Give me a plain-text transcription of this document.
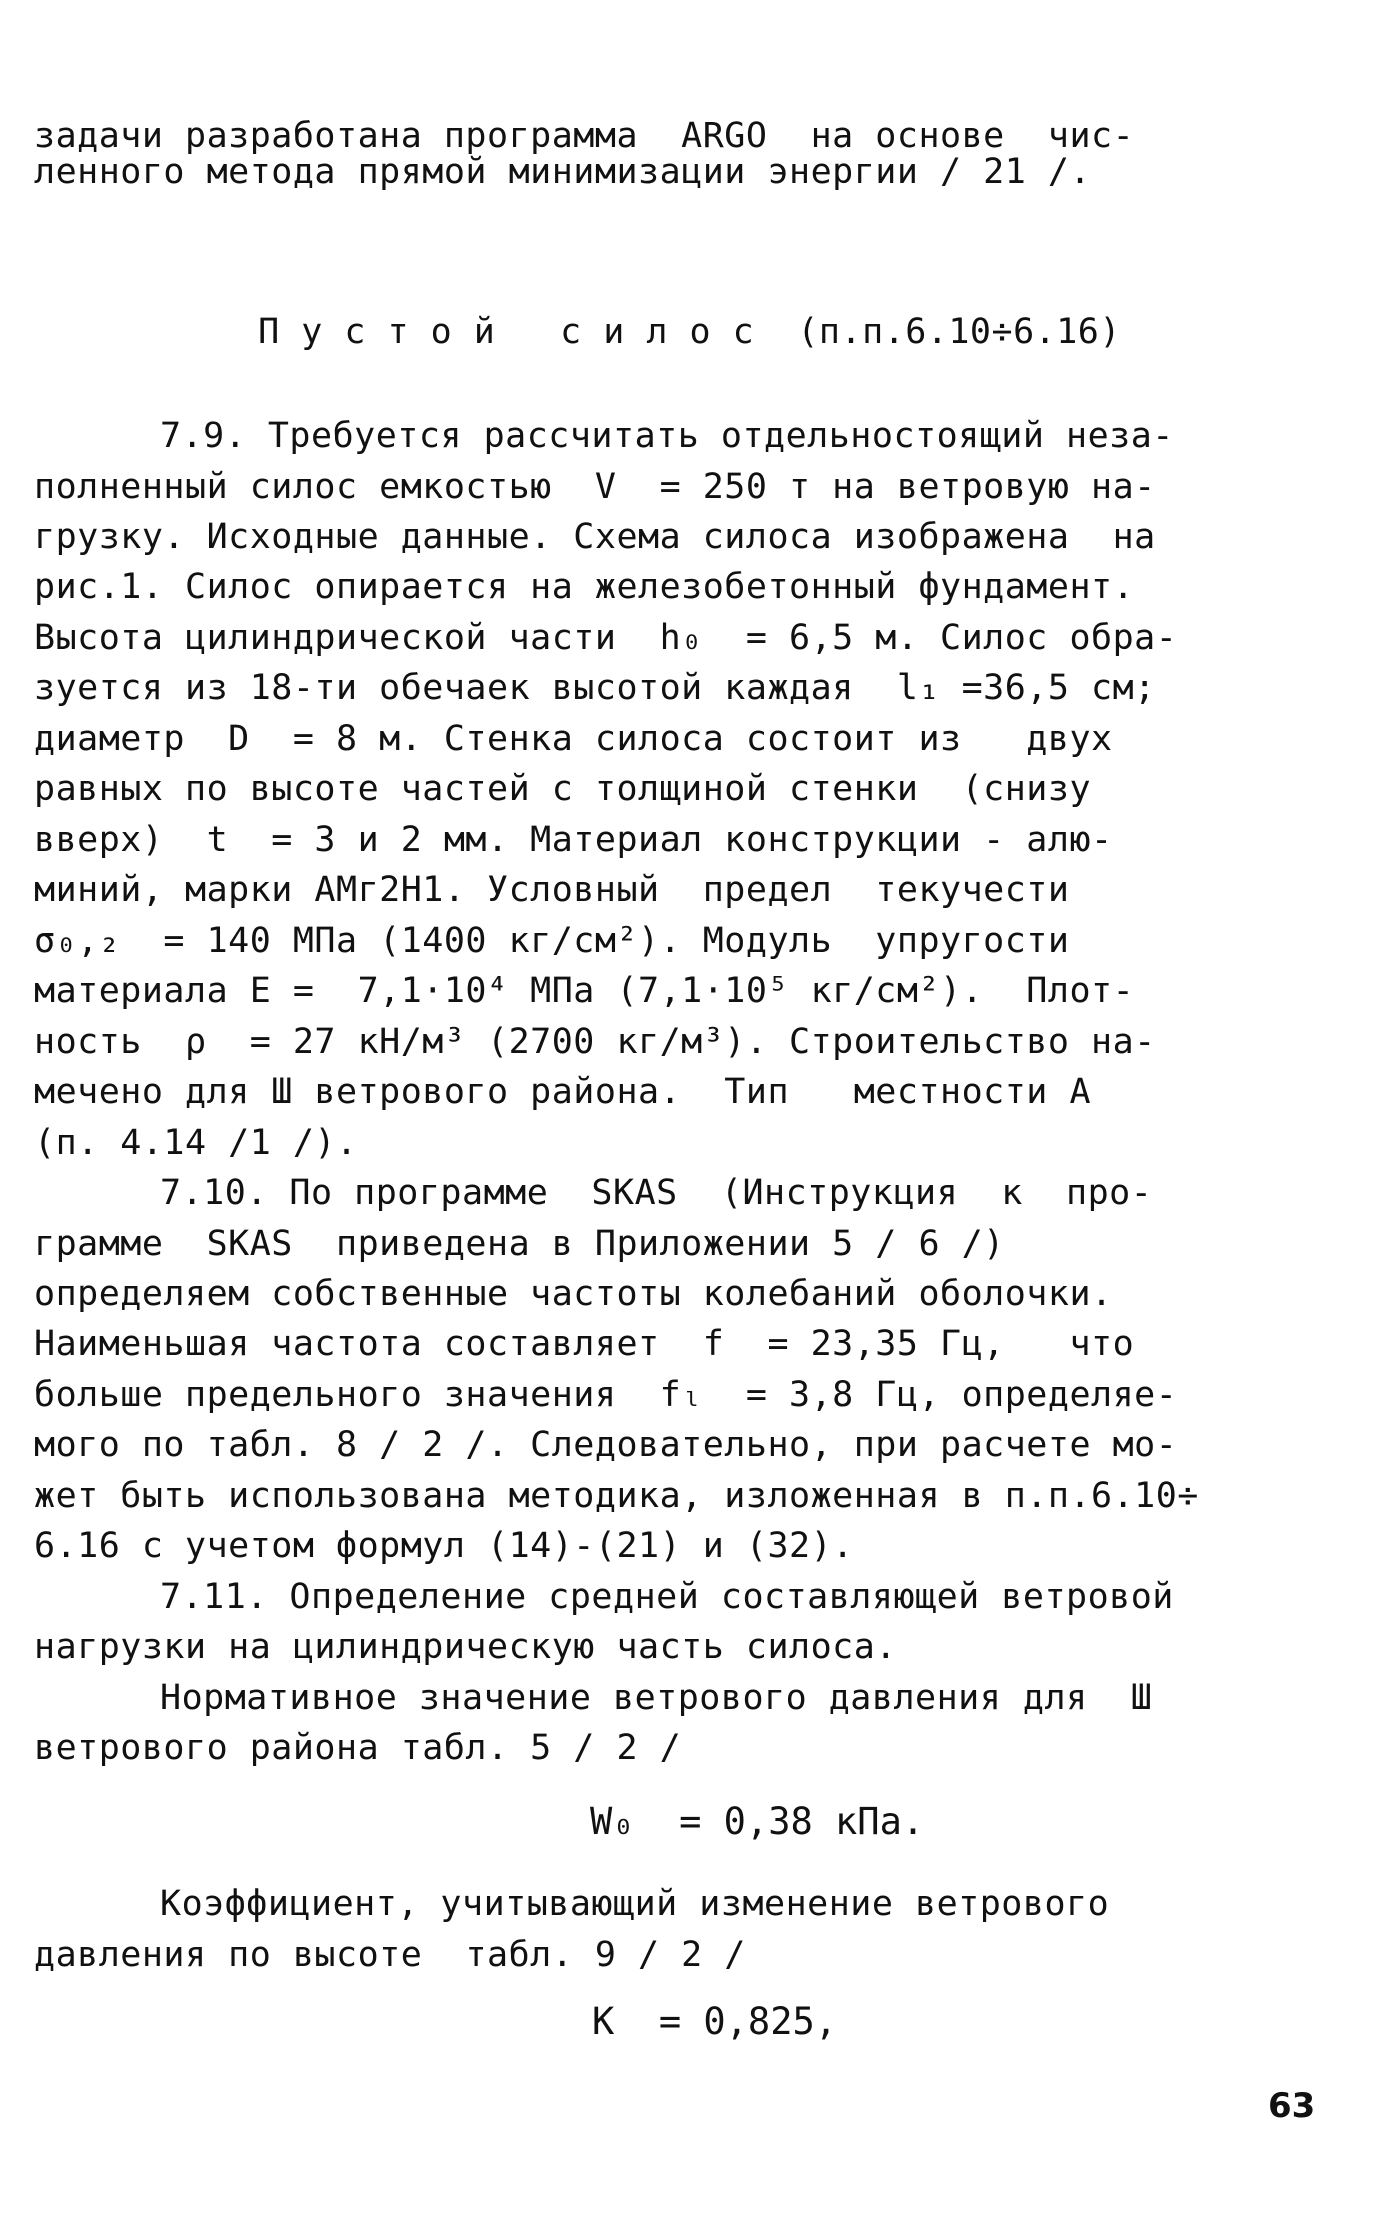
задачи разработана программа  ARGO  на основе  чис-
ленного метода прямой минимизации энергии / 21 /.
П у с т о й   с и л о с  (п.п.6.10÷6.16)
7.9. Требуется рассчитать отдельностоящий неза-
полненный силос емкостью  V  = 250 т на ветровую на-
грузку. Исходные данные. Схема силоса изображена  на
рис.1. Силос опирается на железобетонный фундамент.
Высота цилиндрической части  h₀  = 6,5 м. Силос обра-
зуется из 18-ти обечаек высотой каждая  l₁ =36,5 см;
диаметр  D  = 8 м. Стенка силоса состоит из   двух
равных по высоте частей с толщиной стенки  (снизу
вверх)  t  = 3 и 2 мм. Материал конструкции - алю-
миний, марки АМг2Н1. Условный  предел  текучести
σ₀,₂  = 140 МПа (1400 кг/см²). Модуль  упругости
материала Е =  7,1·10⁴ МПа (7,1·10⁵ кг/см²).  Плот-
ность  ρ  = 27 кН/м³ (2700 кг/м³). Строительство на-
мечено для Ш ветрового района.  Тип   местности А
(п. 4.14 /1 /).
7.10. По программе  SKAS  (Инструкция  к  про-
грамме  SKAS  приведена в Приложении 5 / 6 /)
определяем собственные частоты колебаний оболочки.
Наименьшая частота составляет  f  = 23,35 Гц,   что
больше предельного значения  fₗ  = 3,8 Гц, определяе-
мого по табл. 8 / 2 /. Следовательно, при расчете мо-
жет быть использована методика, изложенная в п.п.6.10÷
6.16 с учетом формул (14)-(21) и (32).
7.11. Определение средней составляющей ветровой
нагрузки на цилиндрическую часть силоса.
Нормативное значение ветрового давления для  Ш
ветрового района табл. 5 / 2 /
W₀  = 0,38 кПа.
Коэффициент, учитывающий изменение ветрового
давления по высоте  табл. 9 / 2 /
K  = 0,825,
63
